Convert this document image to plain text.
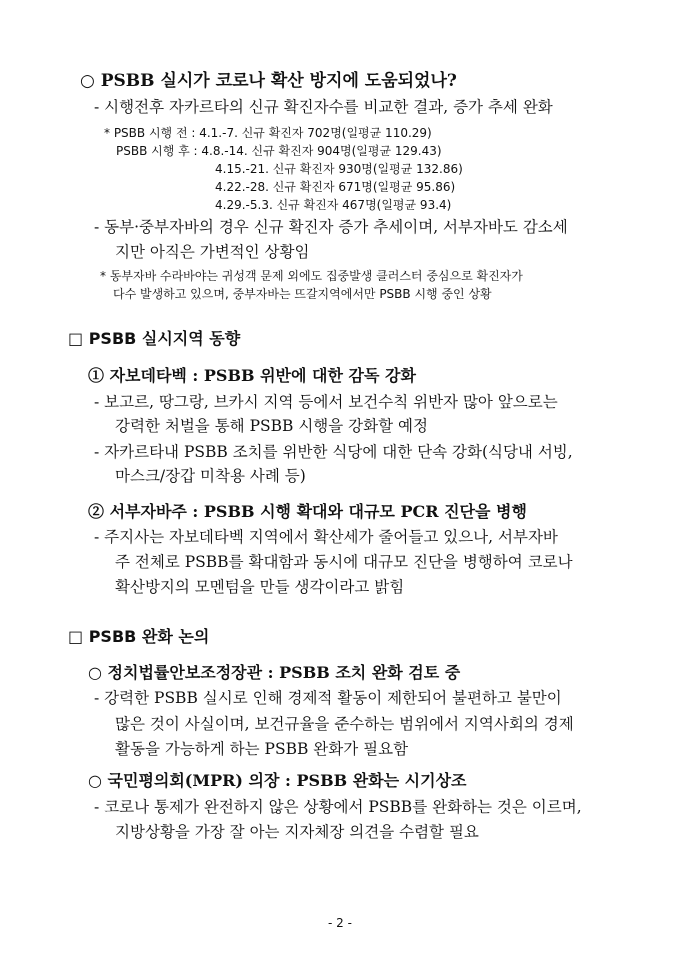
○ PSBB 실시가 코로나 확산 방지에 도움되었나?
- 시행전후 자카르타의 신규 확진자수를 비교한 결과, 증가 추세 완화
* PSBB 시행 전 : 4.1.-7. 신규 확진자 702명(일평균 110.29)
PSBB 시행 후 : 4.8.-14. 신규 확진자 904명(일평균 129.43)
4.15.-21. 신규 확진자 930명(일평균 132.86)
4.22.-28. 신규 확진자 671명(일평균 95.86)
4.29.-5.3. 신규 확진자 467명(일평균 93.4)
- 동부·중부자바의 경우 신규 확진자 증가 추세이며, 서부자바도 감소세
지만 아직은 가변적인 상황임
* 동부자바 수라바야는 귀성객 문제 외에도 집중발생 클러스터 중심으로 확진자가
다수 발생하고 있으며, 중부자바는 뜨갈지역에서만 PSBB 시행 중인 상황
□ PSBB 실시지역 동향
① 자보데타벡 : PSBB 위반에 대한 감독 강화
- 보고르, 땅그랑, 브카시 지역 등에서 보건수칙 위반자 많아 앞으로는
강력한 처벌을 통해 PSBB 시행을 강화할 예정
- 자카르타내 PSBB 조치를 위반한 식당에 대한 단속 강화(식당내 서빙,
마스크/장갑 미착용 사례 등)
② 서부자바주 : PSBB 시행 확대와 대규모 PCR 진단을 병행
- 주지사는 자보데타벡 지역에서 확산세가 줄어들고 있으나, 서부자바
주 전체로 PSBB를 확대함과 동시에 대규모 진단을 병행하여 코로나
확산방지의 모멘텀을 만들 생각이라고 밝힘
□ PSBB 완화 논의
○ 정치법률안보조정장관 : PSBB 조치 완화 검토 중
- 강력한 PSBB 실시로 인해 경제적 활동이 제한되어 불편하고 불만이
많은 것이 사실이며, 보건규율을 준수하는 범위에서 지역사회의 경제
활동을 가능하게 하는 PSBB 완화가 필요함
○ 국민평의회(MPR) 의장 : PSBB 완화는 시기상조
- 코로나 통제가 완전하지 않은 상황에서 PSBB를 완화하는 것은 이르며,
지방상황을 가장 잘 아는 지자체장 의견을 수렴할 필요
- 2 -
